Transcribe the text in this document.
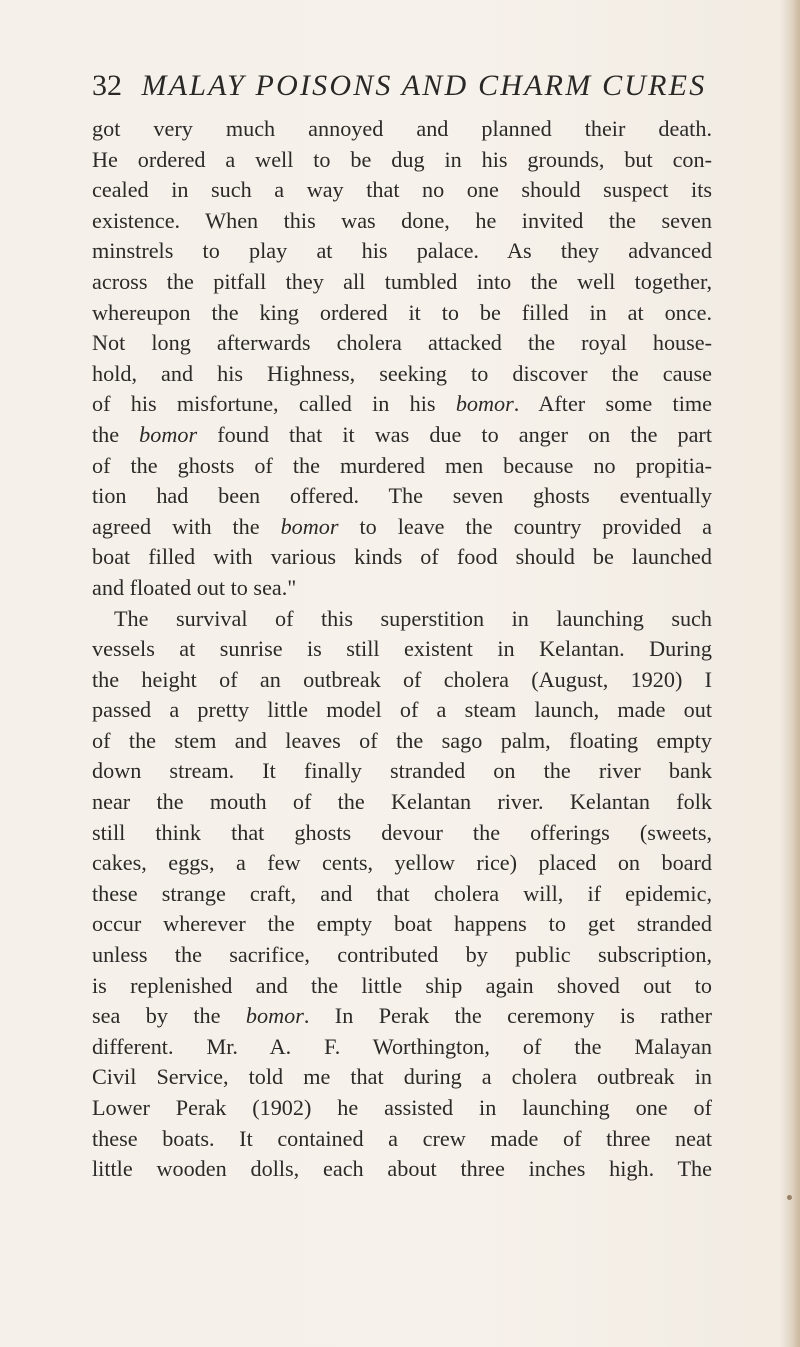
32 MALAY POISONS AND CHARM CURES
got very much annoyed and planned their death.
He ordered a well to be dug in his grounds, but con-
cealed in such a way that no one should suspect its
existence. When this was done, he invited the seven
minstrels to play at his palace. As they advanced
across the pitfall they all tumbled into the well together,
whereupon the king ordered it to be filled in at once.
Not long afterwards cholera attacked the royal house-
hold, and his Highness, seeking to discover the cause
of his misfortune, called in his bomor. After some time
the bomor found that it was due to anger on the part
of the ghosts of the murdered men because no propitia-
tion had been offered. The seven ghosts eventually
agreed with the bomor to leave the country provided a
boat filled with various kinds of food should be launched
and floated out to sea."
The survival of this superstition in launching such
vessels at sunrise is still existent in Kelantan. During
the height of an outbreak of cholera (August, 1920) I
passed a pretty little model of a steam launch, made out
of the stem and leaves of the sago palm, floating empty
down stream. It finally stranded on the river bank
near the mouth of the Kelantan river. Kelantan folk
still think that ghosts devour the offerings (sweets,
cakes, eggs, a few cents, yellow rice) placed on board
these strange craft, and that cholera will, if epidemic,
occur wherever the empty boat happens to get stranded
unless the sacrifice, contributed by public subscription,
is replenished and the little ship again shoved out to
sea by the bomor. In Perak the ceremony is rather
different. Mr. A. F. Worthington, of the Malayan
Civil Service, told me that during a cholera outbreak in
Lower Perak (1902) he assisted in launching one of
these boats. It contained a crew made of three neat
little wooden dolls, each about three inches high. The
